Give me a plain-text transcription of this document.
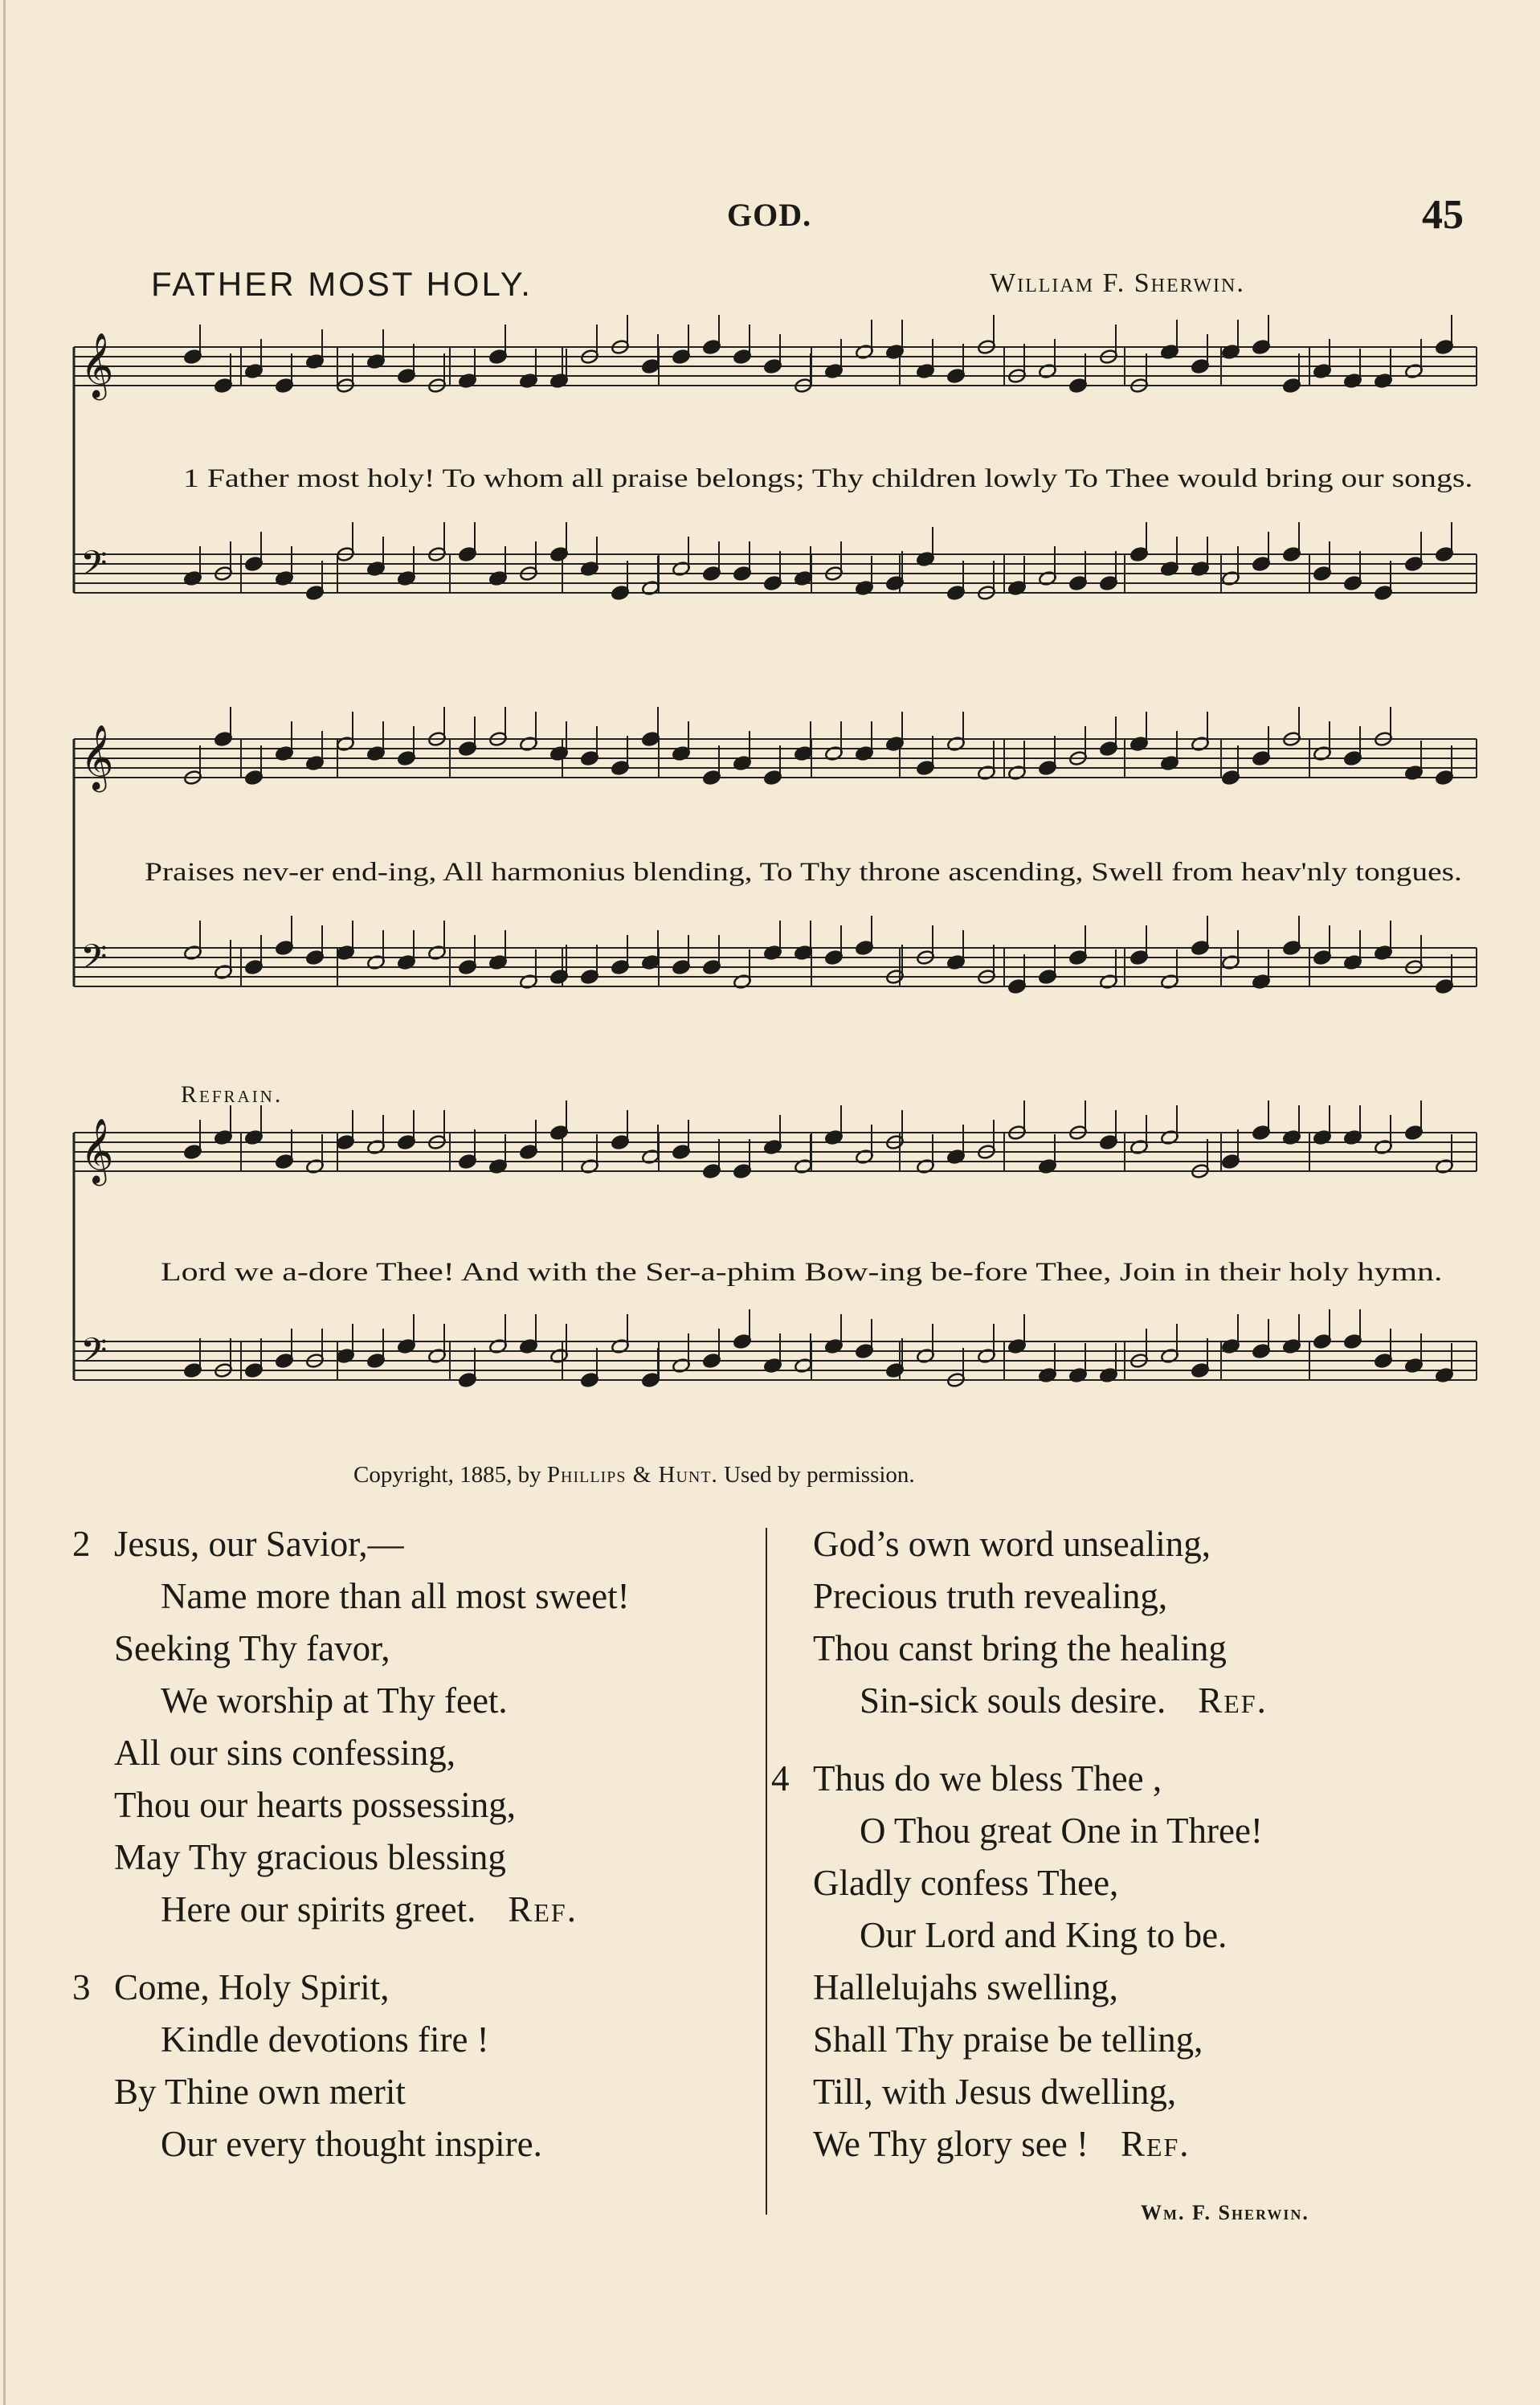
GOD.	45
FATHER MOST HOLY.	William F. Sherwin.
𝄞
𝄢
𝄞
𝄢
𝄞
𝄢
1 Father most holy! To whom all praise belongs; Thy children lowly To Thee would bring our songs.
Praises nev-er end-ing, All harmonius blending, To Thy throne ascending, Swell from heav'nly tongues.
Refrain.
Lord we a-dore Thee! And with the Ser-a-phim Bow-ing be-fore Thee, Join in their holy hymn.
Copyright, 1885, by Phillips & Hunt. Used by permission.
2 Jesus, our Savior,—
Name more than all most sweet!
Seeking Thy favor,
We worship at Thy feet.
All our sins confessing,
Thou our hearts possessing,
May Thy gracious blessing
Here our spirits greet. Ref.
3 Come, Holy Spirit,
Kindle devotions fire !
By Thine own merit
Our every thought inspire.
God’s own word unsealing,
Precious truth revealing,
Thou canst bring the healing
Sin-sick souls desire. Ref.
4 Thus do we bless Thee ,
O Thou great One in Three!
Gladly confess Thee,
Our Lord and King to be.
Hallelujahs swelling,
Shall Thy praise be telling,
Till, with Jesus dwelling,
We Thy glory see ! Ref.
Wm. F. Sherwin.
